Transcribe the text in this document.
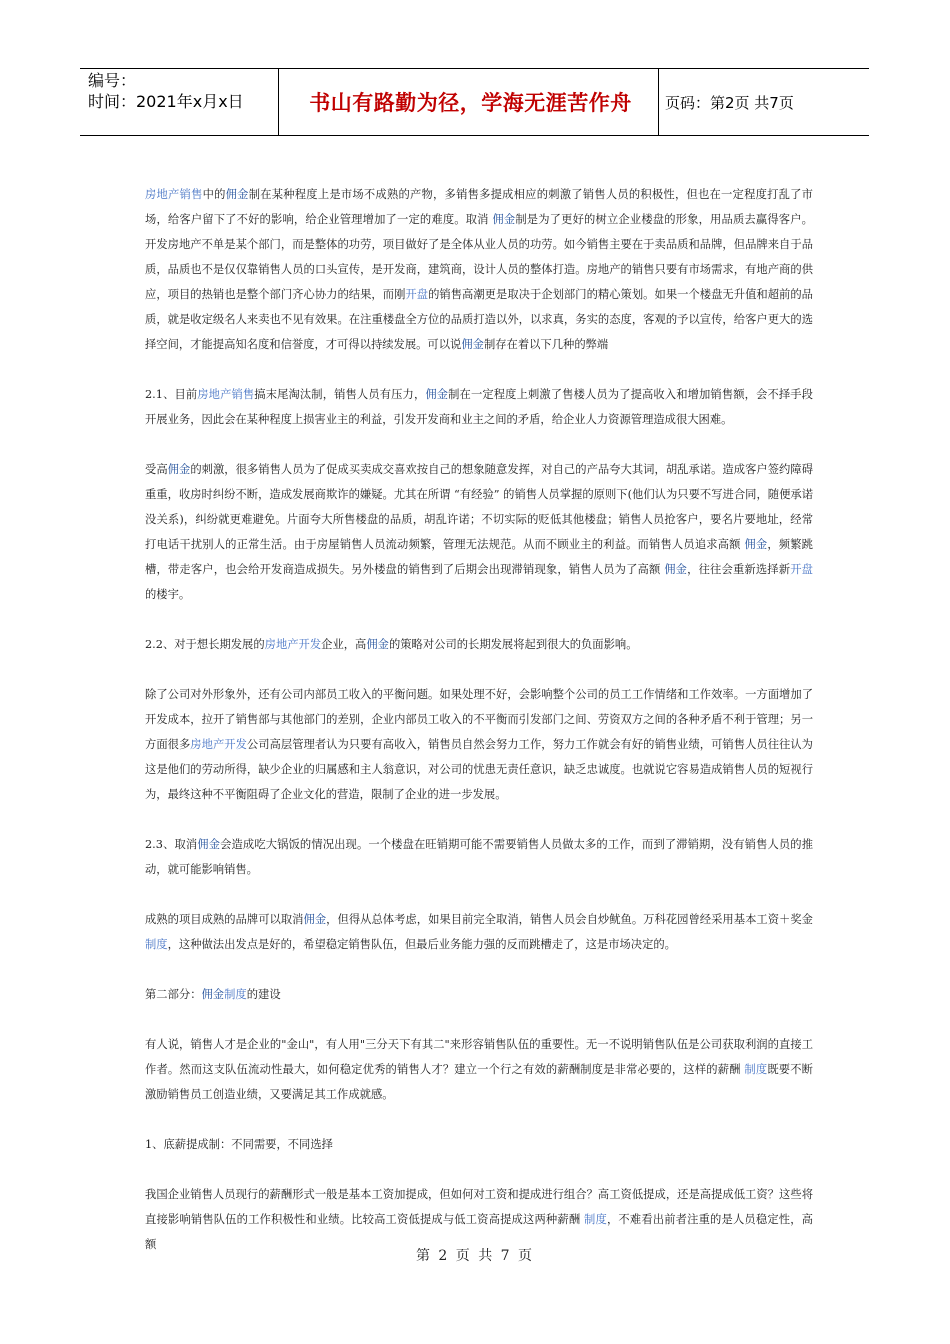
编号：
时间：2021年x月x日	书山有路勤为径，学海无涯苦作舟	页码：第2页 共7页

房地产销售中的佣金制在某种程度上是市场不成熟的产物，多销售多提成相应的刺激了销售人员的积极性，但也在一定程度打乱了市场，给客户留下了不好的影响，给企业管理增加了一定的难度。取消 佣金制是为了更好的树立企业楼盘的形象，用品质去赢得客户。开发房地产不单是某个部门，而是整体的功劳，项目做好了是全体从业人员的功劳。如今销售主要在于卖品质和品牌，但品牌来自于品质，品质也不是仅仅靠销售人员的口头宣传，是开发商，建筑商，设计人员的整体打造。房地产的销售只要有市场需求，有地产商的供应，项目的热销也是整个部门齐心协力的结果，而刚开盘的销售高潮更是取决于企划部门的精心策划。如果一个楼盘无升值和超前的品质，就是收定级名人来卖也不见有效果。在注重楼盘全方位的品质打造以外，以求真，务实的态度，客观的予以宣传，给客户更大的选择空间，才能提高知名度和信誉度，才可得以持续发展。可以说佣金制存在着以下几种的弊端

2.1、目前房地产销售搞末尾淘汰制，销售人员有压力，佣金制在一定程度上刺激了售楼人员为了提高收入和增加销售额，会不择手段开展业务，因此会在某种程度上损害业主的利益，引发开发商和业主之间的矛盾，给企业人力资源管理造成很大困难。

受高佣金的刺激，很多销售人员为了促成买卖成交喜欢按自己的想象随意发挥，对自己的产品夸大其词，胡乱承诺。造成客户签约障碍重重，收房时纠纷不断，造成发展商欺诈的嫌疑。尤其在所谓 “有经验” 的销售人员掌握的原则下(他们认为只要不写进合同，随便承诺没关系)，纠纷就更难避免。片面夸大所售楼盘的品质，胡乱许诺；不切实际的贬低其他楼盘；销售人员抢客户，要名片要地址，经常打电话干扰别人的正常生活。由于房屋销售人员流动频繁，管理无法规范。从而不顾业主的利益。而销售人员追求高额 佣金，频繁跳槽，带走客户，也会给开发商造成损失。另外楼盘的销售到了后期会出现滞销现象，销售人员为了高额 佣金，往往会重新选择新开盘的楼宇。

2.2、对于想长期发展的房地产开发企业，高佣金的策略对公司的长期发展将起到很大的负面影响。

除了公司对外形象外，还有公司内部员工收入的平衡问题。如果处理不好，会影响整个公司的员工工作情绪和工作效率。一方面增加了开发成本，拉开了销售部与其他部门的差别，企业内部员工收入的不平衡而引发部门之间、劳资双方之间的各种矛盾不利于管理；另一方面很多房地产开发公司高层管理者认为只要有高收入，销售员自然会努力工作，努力工作就会有好的销售业绩，可销售人员往往认为这是他们的劳动所得，缺少企业的归属感和主人翁意识，对公司的忧患无责任意识，缺乏忠诚度。也就说它容易造成销售人员的短视行为，最终这种不平衡阻碍了企业文化的营造，限制了企业的进一步发展。

2.3、取消佣金会造成吃大锅饭的情况出现。一个楼盘在旺销期可能不需要销售人员做太多的工作，而到了滞销期，没有销售人员的推动，就可能影响销售。

成熟的项目成熟的品牌可以取消佣金，但得从总体考虑，如果目前完全取消，销售人员会自炒鱿鱼。万科花园曾经采用基本工资＋奖金制度，这种做法出发点是好的，希望稳定销售队伍，但最后业务能力强的反而跳槽走了，这是市场决定的。

第二部分：佣金制度的建设

有人说，销售人才是企业的"金山"，有人用"三分天下有其二"来形容销售队伍的重要性。无一不说明销售队伍是公司获取利润的直接工作者。然而这支队伍流动性最大，如何稳定优秀的销售人才？建立一个行之有效的薪酬制度是非常必要的，这样的薪酬 制度既要不断激励销售员工创造业绩，又要满足其工作成就感。

1、底薪提成制：不同需要，不同选择

我国企业销售人员现行的薪酬形式一般是基本工资加提成，但如何对工资和提成进行组合？高工资低提成，还是高提成低工资？这些将直接影响销售队伍的工作积极性和业绩。比较高工资低提成与低工资高提成这两种薪酬 制度，不难看出前者注重的是人员稳定性，高额

第 2 页 共 7 页
